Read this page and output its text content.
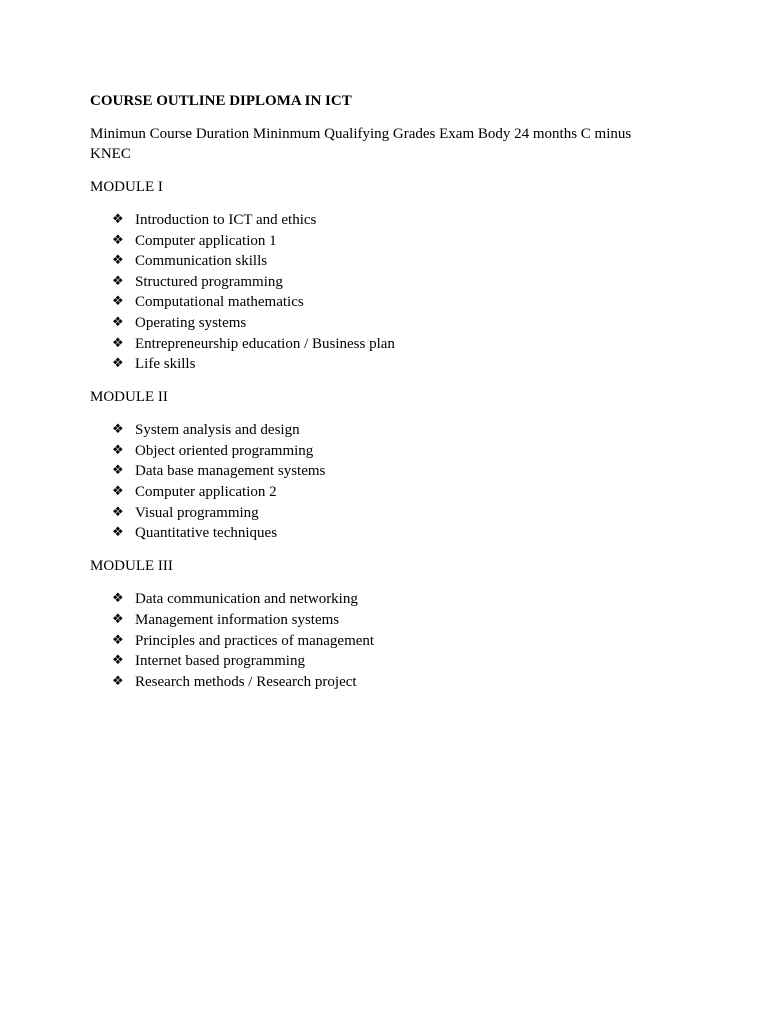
COURSE OUTLINE DIPLOMA IN ICT

Minimun Course Duration Mininmum Qualifying Grades Exam Body 24 months C minus KNEC

MODULE I

❖ Introduction to ICT and ethics
❖ Computer application 1
❖ Communication skills
❖ Structured programming
❖ Computational mathematics
❖ Operating systems
❖ Entrepreneurship education / Business plan
❖ Life skills

MODULE II

❖ System analysis and design
❖ Object oriented programming
❖ Data base management systems
❖ Computer application 2
❖ Visual programming
❖ Quantitative techniques

MODULE III

❖ Data communication and networking
❖ Management information systems
❖ Principles and practices of management
❖ Internet based programming
❖ Research methods / Research project
